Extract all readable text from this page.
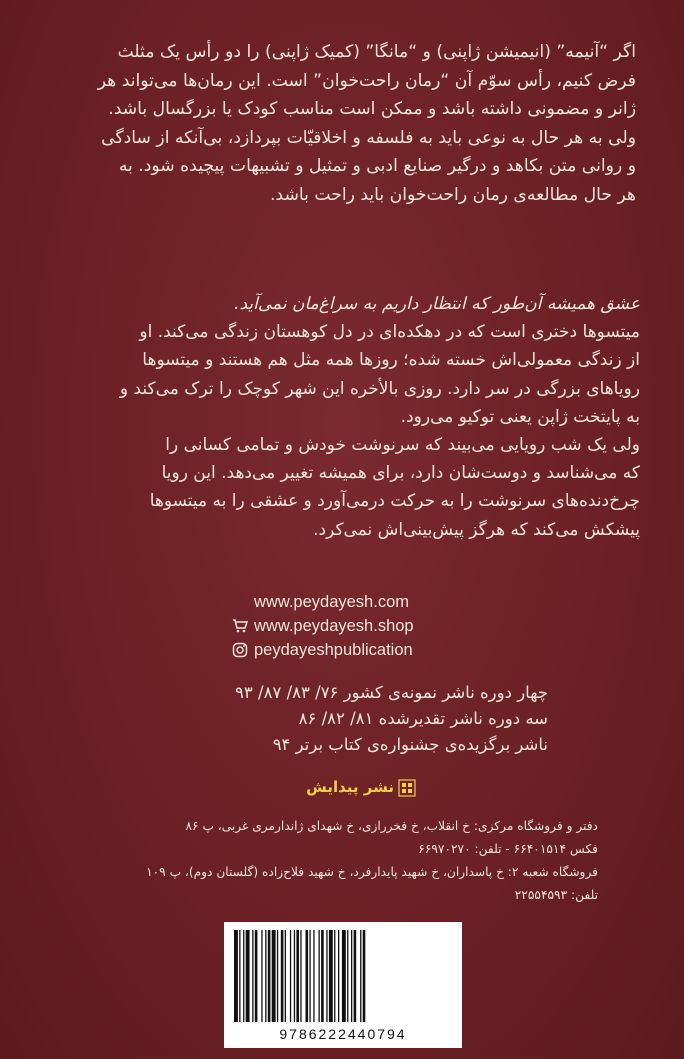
اگر “آنیمه” (انیمیشن ژاپنی) و “مانگا” (کمیک ژاپنی) را دو رأس یک مثلث

فرض کنیم، رأس سوّم آن “رمان راحت‌خوان” است. این رمان‌ها می‌تواند هر

ژانر و مضمونی داشته باشد و ممکن است مناسب کودک یا بزرگسال باشد.

ولی به هر حال به نوعی باید به فلسفه و اخلاقیّات بپردازد، بی‌آنکه از سادگی

و روانی متن بکاهد و درگیر صنایع ادبی و تمثیل و تشبیهات پیچیده شود. به

هر حال مطالعه‌ی رمان راحت‌خوان باید راحت باشد.

عشق همیشه آن‌طور که انتظار داریم به سراغ‌مان نمی‌آید.

میتسوها دختری است که در دهکده‌ای در دل کوهستان زندگی می‌کند. او

از زندگی معمولی‌اش خسته شده؛ روزها همه مثل هم هستند و میتسوها

رویاهای بزرگی در سر دارد. روزی بالأخره این شهر کوچک را ترک می‌کند و

به پایتخت ژاپن یعنی توکیو می‌رود.

ولی یک شب رویایی می‌بیند که سرنوشت خودش و تمامی کسانی را

که می‌شناسد و دوست‌شان دارد، برای همیشه تغییر می‌دهد. این رویا

چرخ‌دنده‌های سرنوشت را به حرکت درمی‌آورد و عشقی را به میتسوها

پیشکش می‌کند که هرگز پیش‌بینی‌اش نمی‌کرد.

www.peydayesh.com
www.peydayesh.shop
peydayeshpublication
چهار دوره ناشر نمونه‌ی کشور ۷۶/ ۸۳/ ۸۷/ ۹۳
سه دوره ناشر تقدیرشده ۸۱/ ۸۲/ ۸۶
ناشر برگزیده‌ی جشنواره‌ی کتاب برتر ۹۴
نشر پیدایش
دفتر و فروشگاه مرکزی: خ انقلاب، خ فخررازی، خ شهدای ژاندارمری غربی، پ ۸۶
فکس ۶۶۴۰۱۵۱۴ - تلفن: ۶۶۹۷۰۲۷۰
فروشگاه شعبه ۲: خ پاسداران، خ شهید پایدارفرد، خ شهید فلاح‌زاده (گلستان دوم)، پ ۱۰۹
تلفن: ۲۲۵۵۴۵۹۳
9786222440794
